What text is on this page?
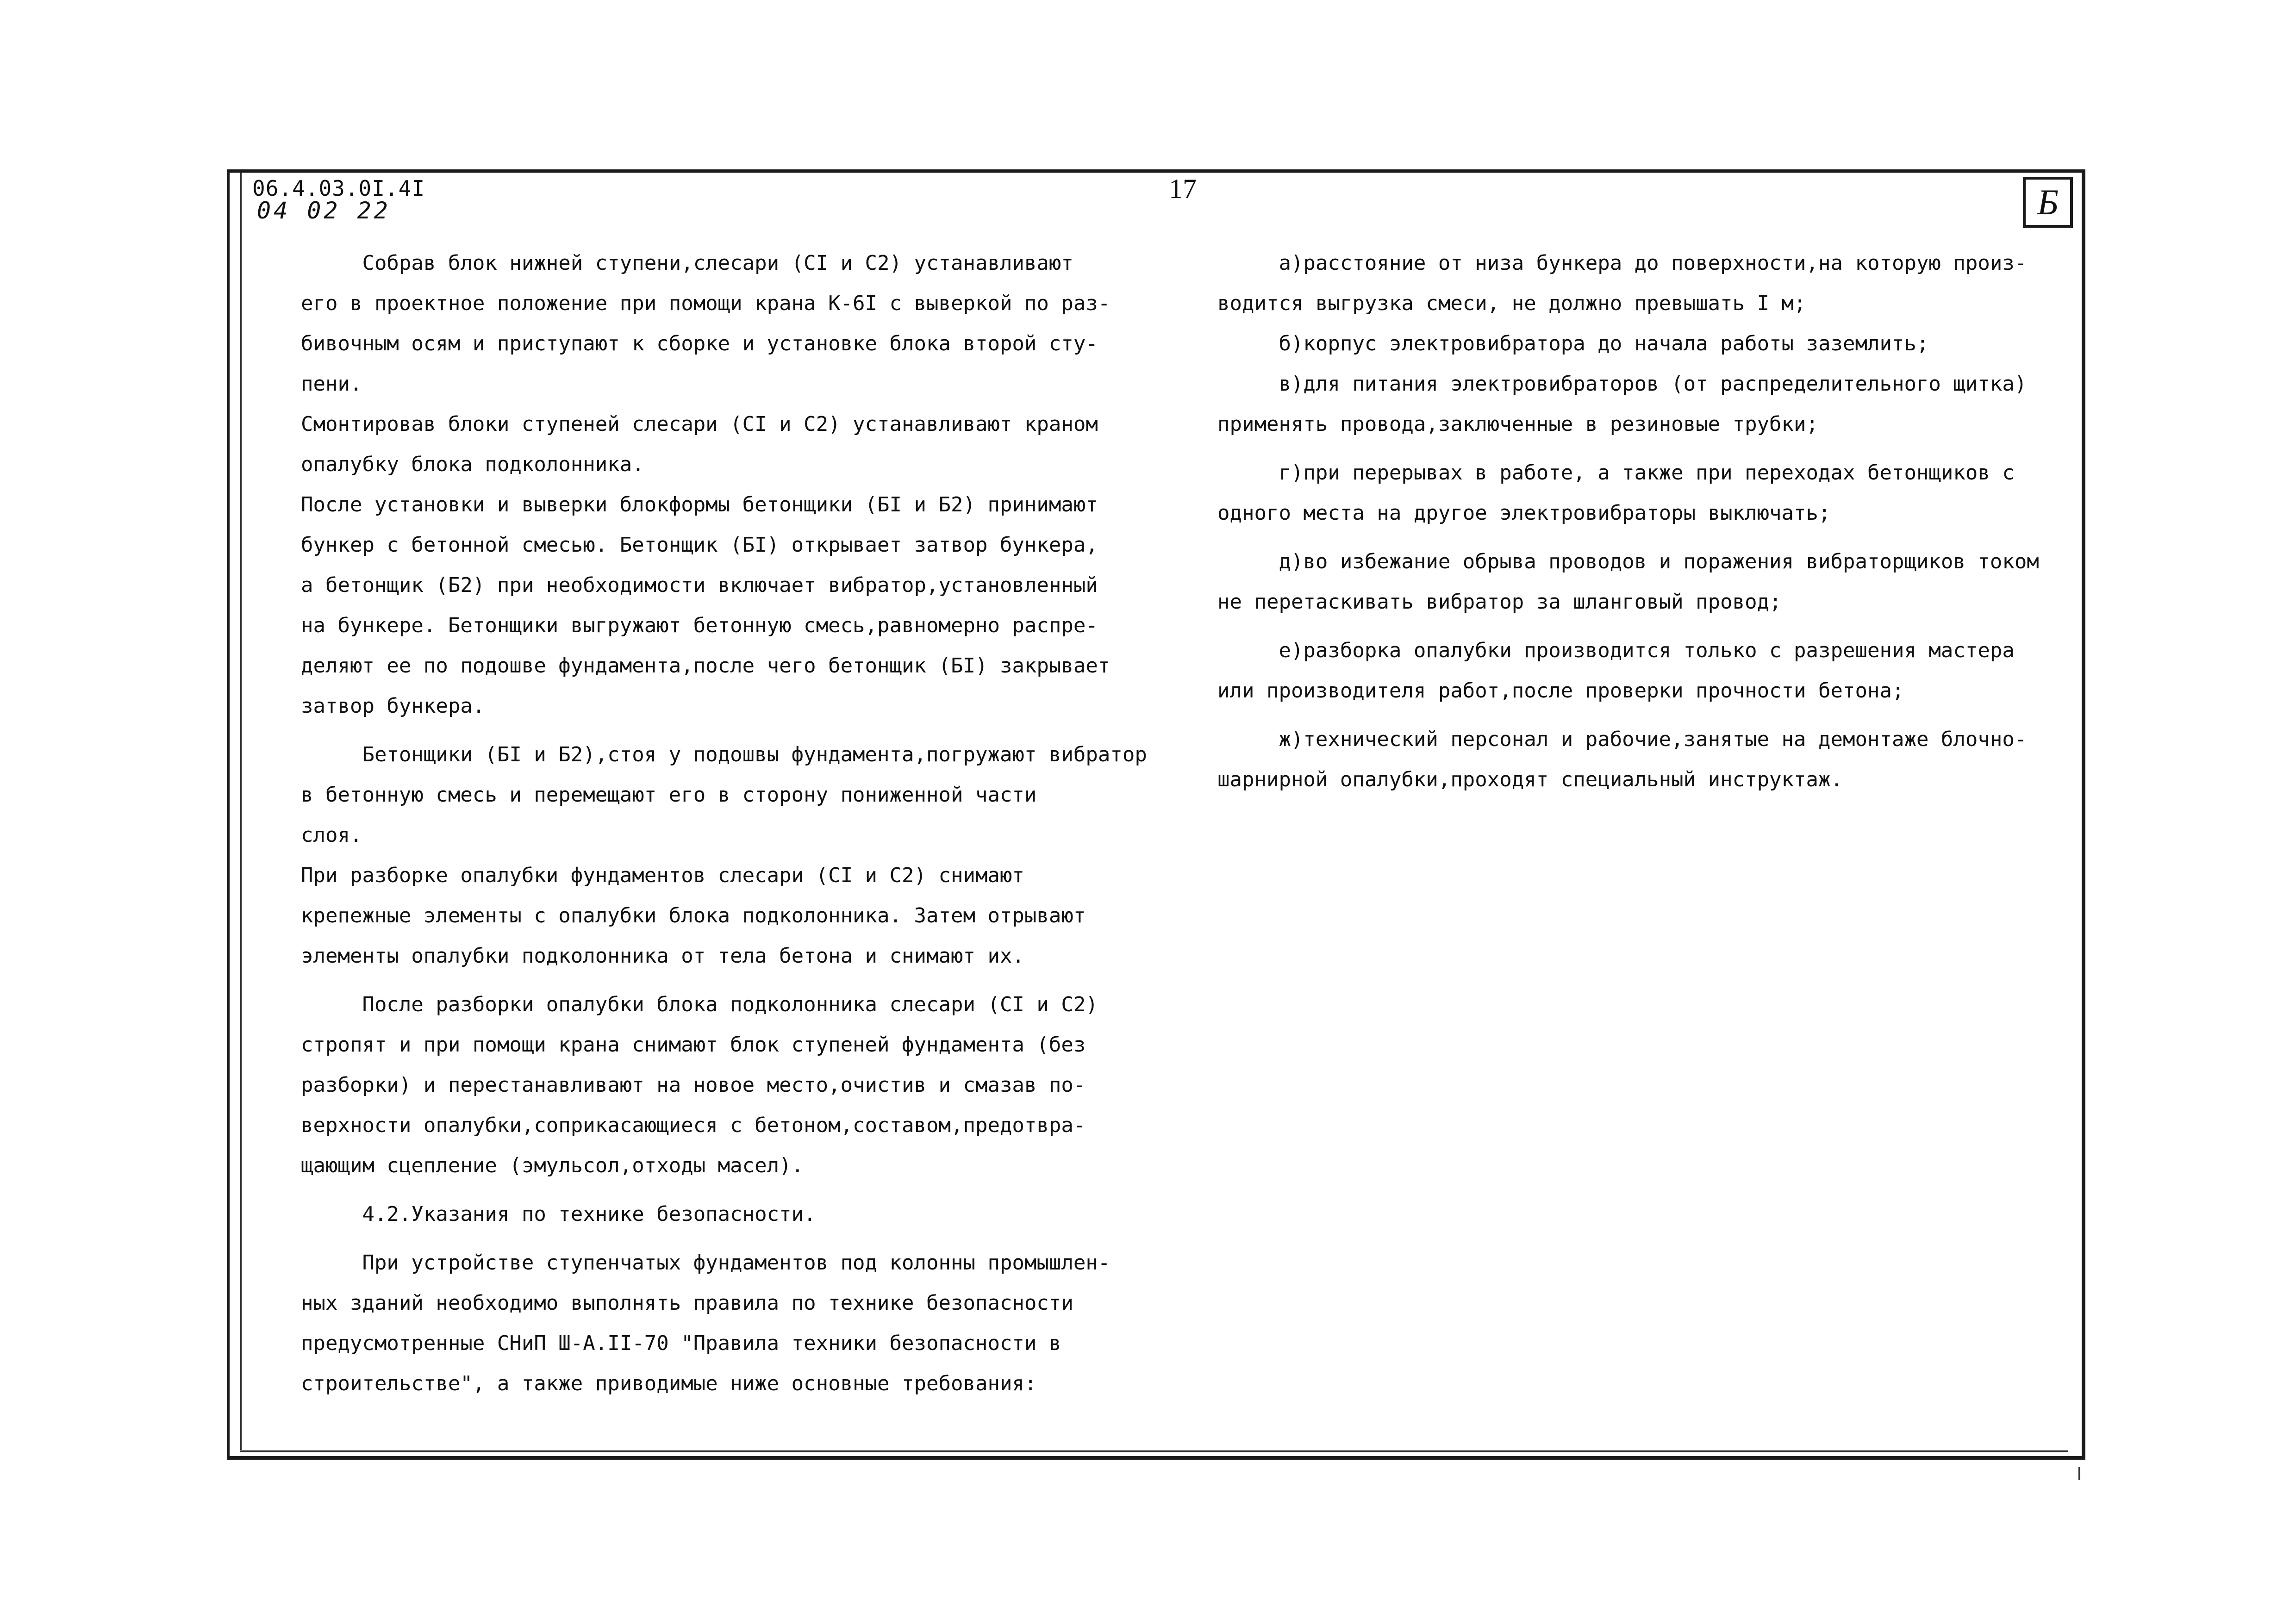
06.4.03.0I.4I
04 02 22
17	Б
Собрав блок нижней ступени,слесари (СI и С2) устанавливают
его в проектное положение при помощи крана К-6I с выверкой по раз-
бивочным осям и приступают к сборке и установке блока второй сту-
пени.
Смонтировав блоки ступеней слесари (СI и С2) устанавливают краном
опалубку блока подколонника.
После установки и выверки блокформы бетонщики (БI и Б2) принимают
бункер с бетонной смесью. Бетонщик (БI) открывает затвор бункера,
а бетонщик (Б2) при необходимости включает вибратор,установленный
на бункере. Бетонщики выгружают бетонную смесь,равномерно распре-
деляют ее по подошве фундамента,после чего бетонщик (БI) закрывает
затвор бункера.
Бетонщики (БI и Б2),стоя у подошвы фундамента,погружают вибратор
в бетонную смесь и перемещают его в сторону пониженной части
слоя.
При разборке опалубки фундаментов слесари (СI и С2) снимают
крепежные элементы с опалубки блока подколонника. Затем отрывают
элементы опалубки подколонника от тела бетона и снимают их.
После разборки опалубки блока подколонника слесари (СI и С2)
стропят и при помощи крана снимают блок ступеней фундамента (без
разборки) и перестанавливают на новое место,очистив и смазав по-
верхности опалубки,соприкасающиеся с бетоном,составом,предотвра-
щающим сцепление (эмульсол,отходы масел).
4.2.Указания по технике безопасности.
При устройстве ступенчатых фундаментов под колонны промышлен-
ных зданий необходимо выполнять правила по технике безопасности
предусмотренные СНиП Ш-А.II-70 "Правила техники безопасности в
строительстве", а также приводимые ниже основные требования:
а)расстояние от низа бункера до поверхности,на которую произ-
водится выгрузка смеси, не должно превышать I м;
б)корпус электровибратора до начала работы заземлить;
в)для питания электровибраторов (от распределительного щитка)
применять провода,заключенные в резиновые трубки;
г)при перерывах в работе, а также при переходах бетонщиков с
одного места на другое электровибраторы выключать;
д)во избежание обрыва проводов и поражения вибраторщиков током
не перетаскивать вибратор за шланговый провод;
е)разборка опалубки производится только с разрешения мастера
или производителя работ,после проверки прочности бетона;
ж)технический персонал и рабочие,занятые на демонтаже блочно-
шарнирной опалубки,проходят специальный инструктаж.
